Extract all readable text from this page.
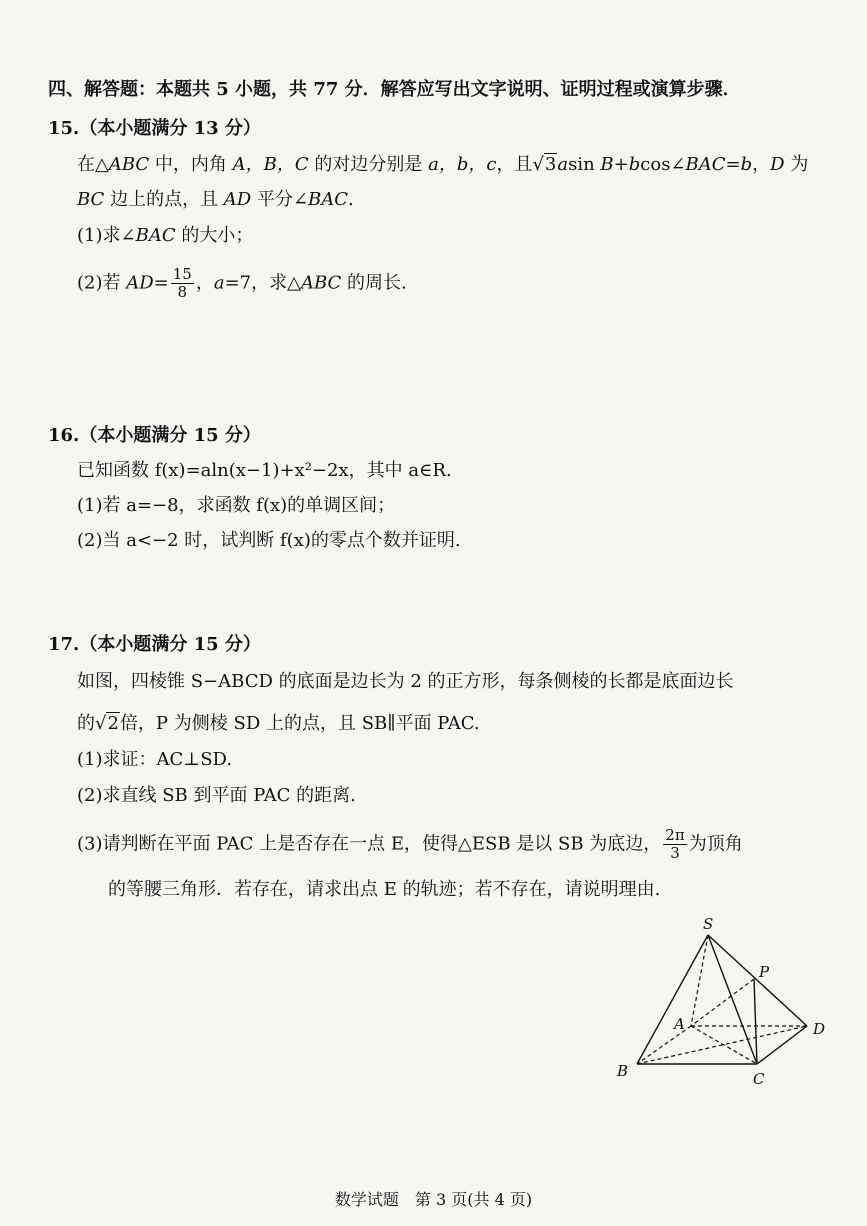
四、解答题：本题共 5 小题，共 77 分．解答应写出文字说明、证明过程或演算步骤．
15.（本小题满分 13 分）
在△ABC 中，内角 A，B，C 的对边分别是 a，b，c，且√3asin B+bcos∠BAC=b，D 为
BC 边上的点，且 AD 平分∠BAC.
(1)求∠BAC 的大小；
(2)若 $AD= \frac{15}{8}$ ，a=7，求△ABC 的周长.
16.（本小题满分 15 分）
已知函数 f(x)=aln(x−1)+x²−2x，其中 a∈R.
(1)若 a=−8，求函数 f(x)的单调区间；
(2)当 a<−2 时，试判断 f(x)的零点个数并证明.
17.（本小题满分 15 分）
如图，四棱锥 S−ABCD 的底面是边长为 2 的正方形，每条侧棱的长都是底面边长
的√2倍，P 为侧棱 SD 上的点，且 SB∥平面 PAC.
(1)求证：AC⊥SD.
(2)求直线 SB 到平面 PAC 的距离.
(3)请判断在平面 PAC 上是否存在一点 E，使得△ESB 是以 SB 为底边， $\frac{2\pi}{3}$ 为顶角
的等腰三角形．若存在，请求出点 E 的轨迹；若不存在，请说明理由.
S
P
A	D
B	C
数学试题　第 3 页(共 4 页)
